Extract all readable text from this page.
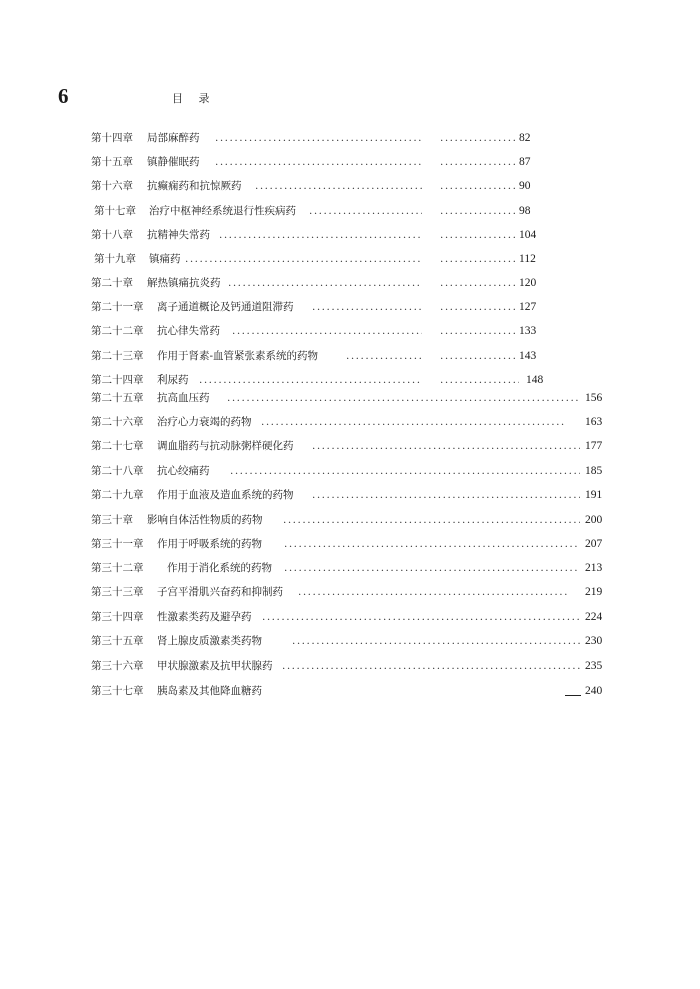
6	目 录
第十四章 局部麻醉药 ..... .....	82
第十五章 镇静催眠药 ..... .....	87
第十六章 抗癫痫药和抗惊厥药 ..... .....	90
第十七章 治疗中枢神经系统退行性疾病药 ..... .....	98
第十八章 抗精神失常药 ..... .....	104
第十九章 镇痛药 ..... .....	112
第二十章 解热镇痛抗炎药 ..... .....	120
第二十一章 离子通道概论及钙通道阻滞药 ..... .....	127
第二十二章 抗心律失常药 ..... .....	133
第二十三章 作用于肾素-血管紧张素系统的药物 ..... .....	143
第二十四章 利尿药 ..... .....	148
第二十五章 抗高血压药 .....	156
第二十六章 治疗心力衰竭的药物 .....	163
第二十七章 调血脂药与抗动脉粥样硬化药 .....	177
第二十八章 抗心绞痛药 .....	185
第二十九章 作用于血液及造血系统的药物 .....	191
第三十章 影响自体活性物质的药物 .....	200
第三十一章 作用于呼吸系统的药物 .....	207
第三十二章 作用于消化系统的药物 .....	213
第三十三章 子宫平滑肌兴奋药和抑制药 .....	219
第三十四章 性激素类药及避孕药 .....	224
第三十五章 肾上腺皮质激素类药物 .....	230
第三十六章 甲状腺激素及抗甲状腺药 .....	235
第三十七章 胰岛素及其他降血糖药	240
